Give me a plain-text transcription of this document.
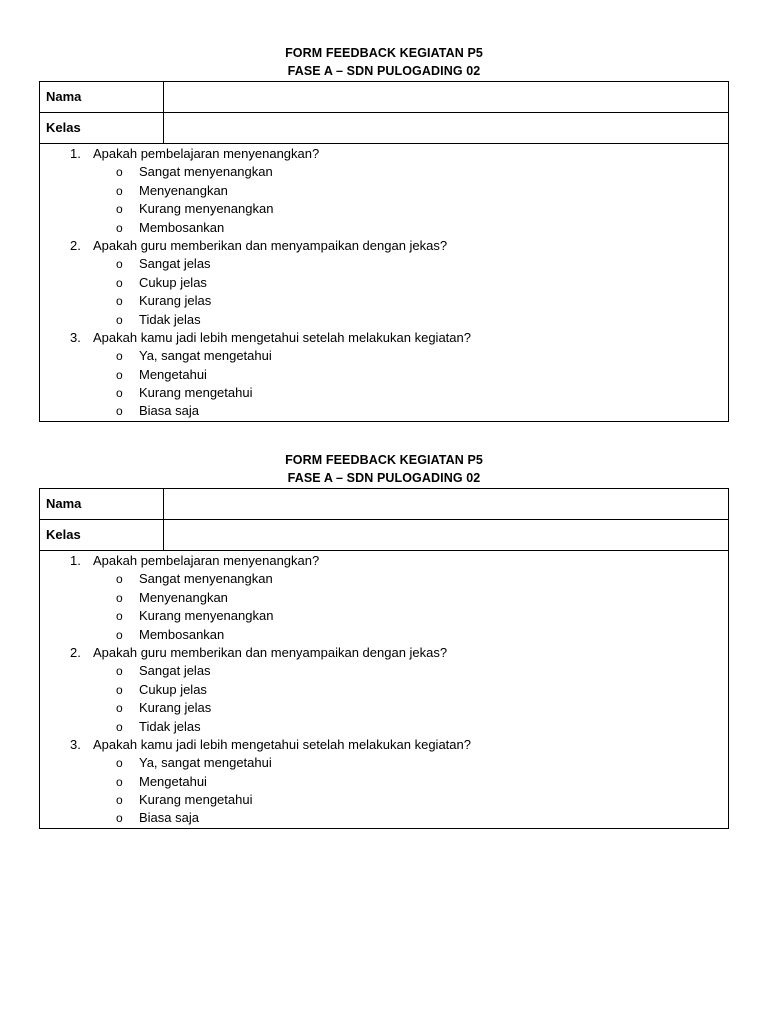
FORM FEEDBACK KEGIATAN P5
FASE A – SDN PULOGADING 02
Nama
Kelas
1. Apakah pembelajaran menyenangkan?
o Sangat menyenangkan
o Menyenangkan
o Kurang menyenangkan
o Membosankan
2. Apakah guru memberikan dan menyampaikan dengan jekas?
o Sangat jelas
o Cukup jelas
o Kurang jelas
o Tidak jelas
3. Apakah kamu jadi lebih mengetahui setelah melakukan kegiatan?
o Ya, sangat mengetahui
o Mengetahui
o Kurang mengetahui
o Biasa saja
FORM FEEDBACK KEGIATAN P5
FASE A – SDN PULOGADING 02
Nama
Kelas
1. Apakah pembelajaran menyenangkan?
o Sangat menyenangkan
o Menyenangkan
o Kurang menyenangkan
o Membosankan
2. Apakah guru memberikan dan menyampaikan dengan jekas?
o Sangat jelas
o Cukup jelas
o Kurang jelas
o Tidak jelas
3. Apakah kamu jadi lebih mengetahui setelah melakukan kegiatan?
o Ya, sangat mengetahui
o Mengetahui
o Kurang mengetahui
o Biasa saja
